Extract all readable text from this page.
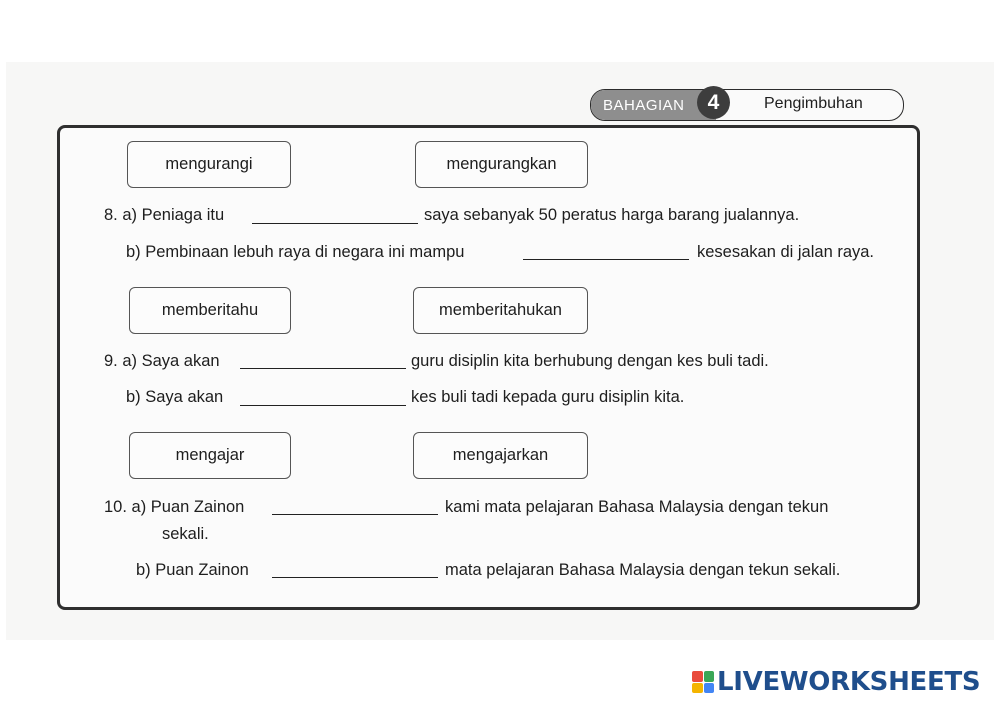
BAHAGIAN	4	Pengimbuhan
mengurangi	mengurangkan
8. a) Peniaga itu	saya sebanyak 50 peratus harga barang jualannya.
b) Pembinaan lebuh raya di negara ini mampu	kesesakan di jalan raya.
memberitahu	memberitahukan
9. a) Saya akan	guru disiplin kita berhubung dengan kes buli tadi.
b) Saya akan	kes buli tadi kepada guru disiplin kita.
mengajar	mengajarkan
10. a) Puan Zainon	kami mata pelajaran Bahasa Malaysia dengan tekun
sekali.
b) Puan Zainon	mata pelajaran Bahasa Malaysia dengan tekun sekali.
LIVEWORKSHEETS
